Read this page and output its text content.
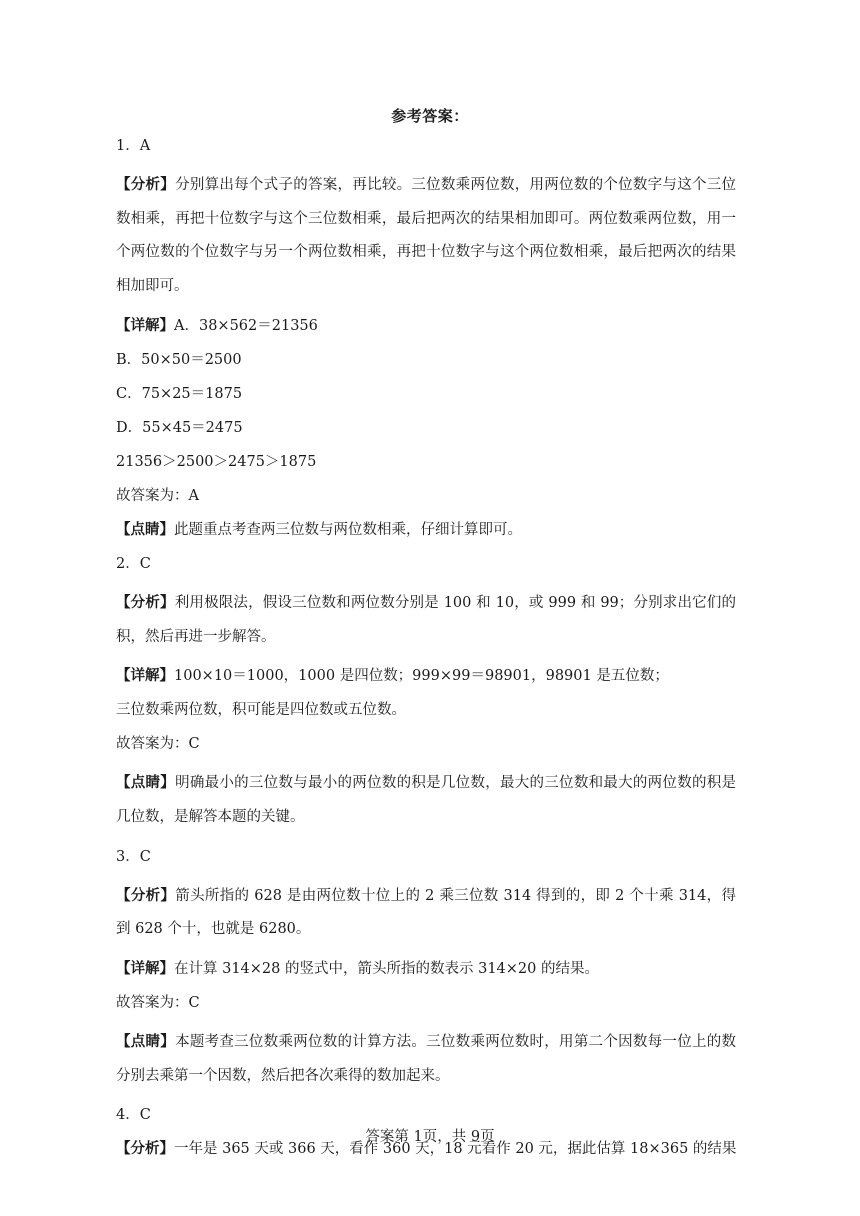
参考答案：
1．A
【分析】分别算出每个式子的答案，再比较。三位数乘两位数，用两位数的个位数字与这个三位数相乘，再把十位数字与这个三位数相乘，最后把两次的结果相加即可。两位数乘两位数，用一个两位数的个位数字与另一个两位数相乘，再把十位数字与这个两位数相乘，最后把两次的结果相加即可。
【详解】A．38×562＝21356
B．50×50＝2500
C．75×25＝1875
D．55×45＝2475
21356＞2500＞2475＞1875
故答案为：A
【点睛】此题重点考查两三位数与两位数相乘，仔细计算即可。
2．C
【分析】利用极限法，假设三位数和两位数分别是 100 和 10，或 999 和 99；分别求出它们的积，然后再进一步解答。
【详解】100×10＝1000，1000 是四位数；999×99＝98901，98901 是五位数；
三位数乘两位数，积可能是四位数或五位数。
故答案为：C
【点睛】明确最小的三位数与最小的两位数的积是几位数，最大的三位数和最大的两位数的积是几位数，是解答本题的关键。
3．C
【分析】箭头所指的 628 是由两位数十位上的 2 乘三位数 314 得到的，即 2 个十乘 314，得到 628 个十，也就是 6280。
【详解】在计算 314×28 的竖式中，箭头所指的数表示 314×20 的结果。
故答案为：C
【点睛】本题考查三位数乘两位数的计算方法。三位数乘两位数时，用第二个因数每一位上的数分别去乘第一个因数，然后把各次乘得的数加起来。
4．C
【分析】一年是 365 天或 366 天，看作 360 天，18 元看作 20 元，据此估算 18×365 的结果
答案第 1页，共 9页
